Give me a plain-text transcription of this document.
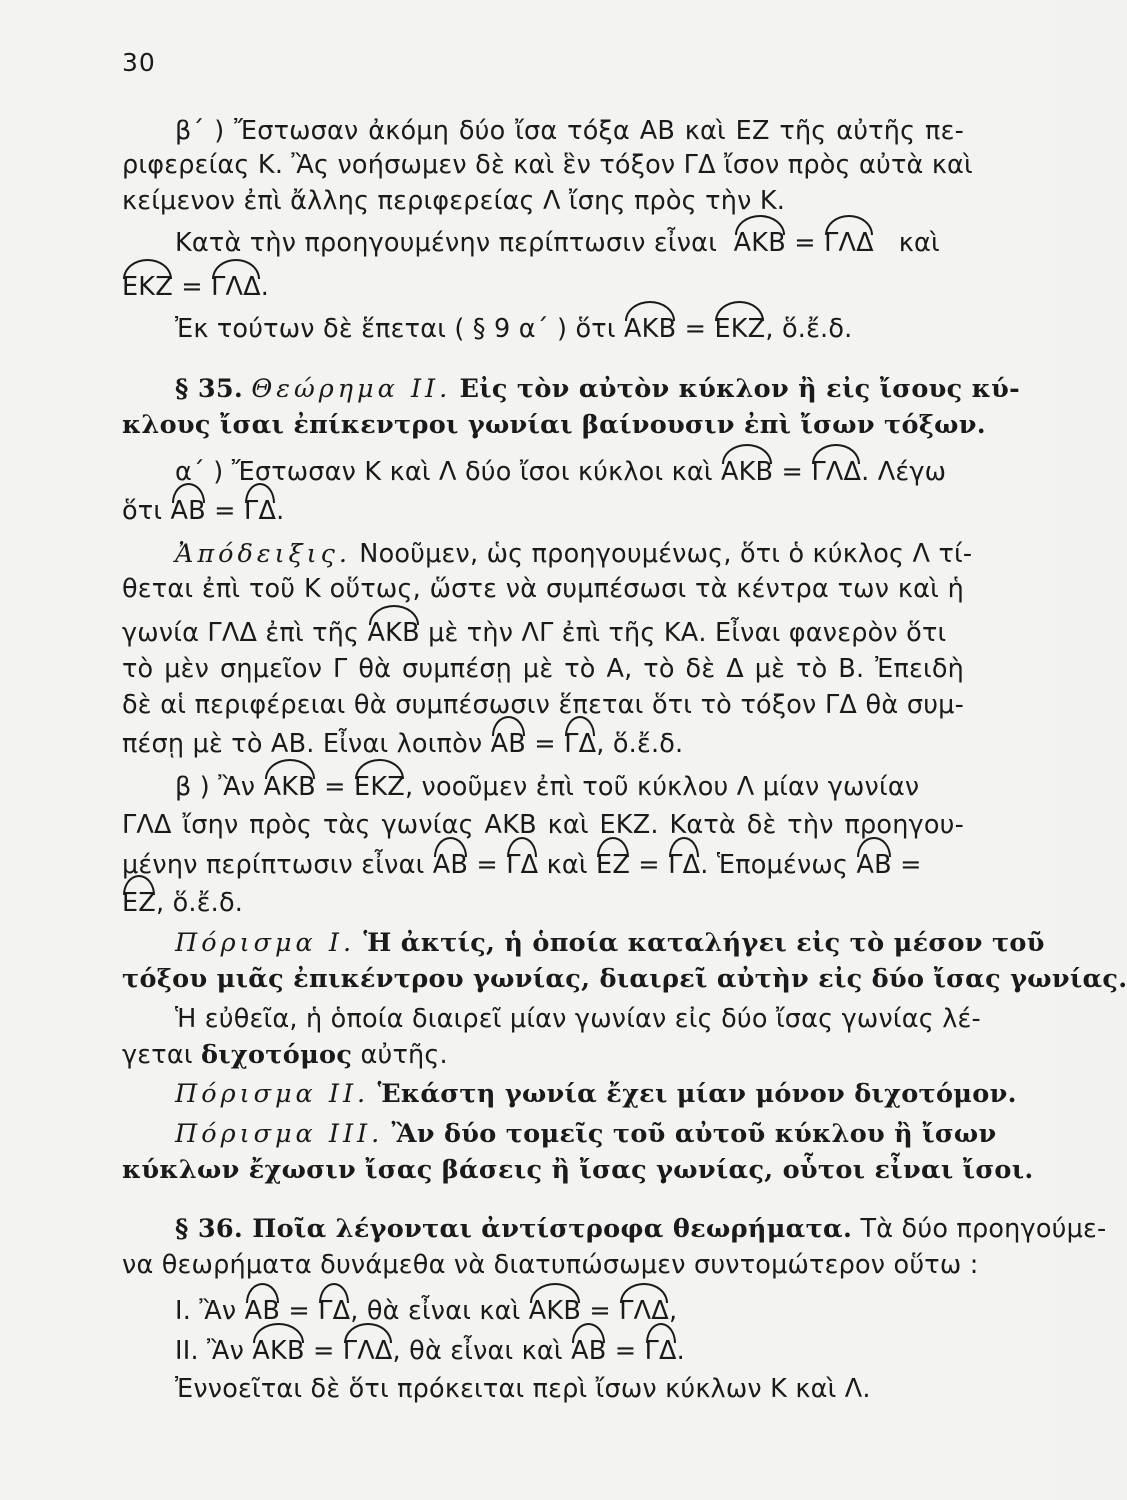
30
β΄ ) Ἔστωσαν ἀκόμη δύο ἴσα τόξα ΑΒ καὶ ΕΖ τῆς αὐτῆς πε-
ριφερείας Κ. Ἂς νοήσωμεν δὲ καὶ ἓν τόξον ΓΔ ἴσον πρὸς αὐτὰ καὶ
κείμενον ἐπὶ ἄλλης περιφερείας Λ ἴσης πρὸς τὴν Κ.
Κατὰ τὴν προηγουμένην περίπτωσιν εἶναι ΑΚΒ = ΓΛΔ καὶ
ΕΚΖ = ΓΛΔ.
Ἐκ τούτων δὲ ἕπεται ( § 9 α΄ ) ὅτι ΑΚΒ = ΕΚΖ, ὅ.ἔ.δ.
§ 35. Θεώρημα ΙΙ. Εἰς τὸν αὐτὸν κύκλον ἢ εἰς ἴσους κύ-
κλους ἴσαι ἐπίκεντροι γωνίαι βαίνουσιν ἐπὶ ἴσων τόξων.
α΄ ) Ἔστωσαν Κ καὶ Λ δύο ἴσοι κύκλοι καὶ ΑΚΒ = ΓΛΔ. Λέγω
ὅτι ΑΒ = ΓΔ.
Ἀπόδειξις. Νοοῦμεν, ὡς προηγουμένως, ὅτι ὁ κύκλος Λ τί-
θεται ἐπὶ τοῦ Κ οὕτως, ὥστε νὰ συμπέσωσι τὰ κέντρα των καὶ ἡ
γωνία ΓΛΔ ἐπὶ τῆς ΑΚΒ μὲ τὴν ΛΓ ἐπὶ τῆς ΚΑ. Εἶναι φανερὸν ὅτι
τὸ μὲν σημεῖον Γ θὰ συμπέσῃ μὲ τὸ Α, τὸ δὲ Δ μὲ τὸ Β. Ἐπειδὴ
δὲ αἱ περιφέρειαι θὰ συμπέσωσιν ἕπεται ὅτι τὸ τόξον ΓΔ θὰ συμ-
πέσῃ μὲ τὸ ΑΒ. Εἶναι λοιπὸν ΑΒ = ΓΔ, ὅ.ἔ.δ.
β ) Ἂν ΑΚΒ = ΕΚΖ, νοοῦμεν ἐπὶ τοῦ κύκλου Λ μίαν γωνίαν
ΓΛΔ ἴσην πρὸς τὰς γωνίας ΑΚΒ καὶ ΕΚΖ. Κατὰ δὲ τὴν προηγου-
μένην περίπτωσιν εἶναι ΑΒ = ΓΔ καὶ ΕΖ = ΓΔ. Ἑπομένως ΑΒ =
ΕΖ, ὅ.ἔ.δ.
Πόρισμα Ι. Ἡ ἀκτίς, ἡ ὁποία καταλήγει εἰς τὸ μέσον τοῦ
τόξου μιᾶς ἐπικέντρου γωνίας, διαιρεῖ αὐτὴν εἰς δύο ἴσας γωνίας.
Ἡ εὐθεῖα, ἡ ὁποία διαιρεῖ μίαν γωνίαν εἰς δύο ἴσας γωνίας λέ-
γεται διχοτόμος αὐτῆς.
Πόρισμα ΙΙ. Ἑκάστη γωνία ἔχει μίαν μόνον διχοτόμον.
Πόρισμα ΙΙΙ. Ἂν δύο τομεῖς τοῦ αὐτοῦ κύκλου ἢ ἴσων
κύκλων ἔχωσιν ἴσας βάσεις ἢ ἴσας γωνίας, οὗτοι εἶναι ἴσοι.
§ 36. Ποῖα λέγονται ἀντίστροφα θεωρήματα. Τὰ δύο προηγούμε-
να θεωρήματα δυνάμεθα νὰ διατυπώσωμεν συντομώτερον οὕτω :
Ι. Ἂν ΑΒ = ΓΔ, θὰ εἶναι καὶ ΑΚΒ = ΓΛΔ,
ΙΙ. Ἂν ΑΚΒ = ΓΛΔ, θὰ εἶναι καὶ ΑΒ = ΓΔ.
Ἐννοεῖται δὲ ὅτι πρόκειται περὶ ἴσων κύκλων Κ καὶ Λ.
